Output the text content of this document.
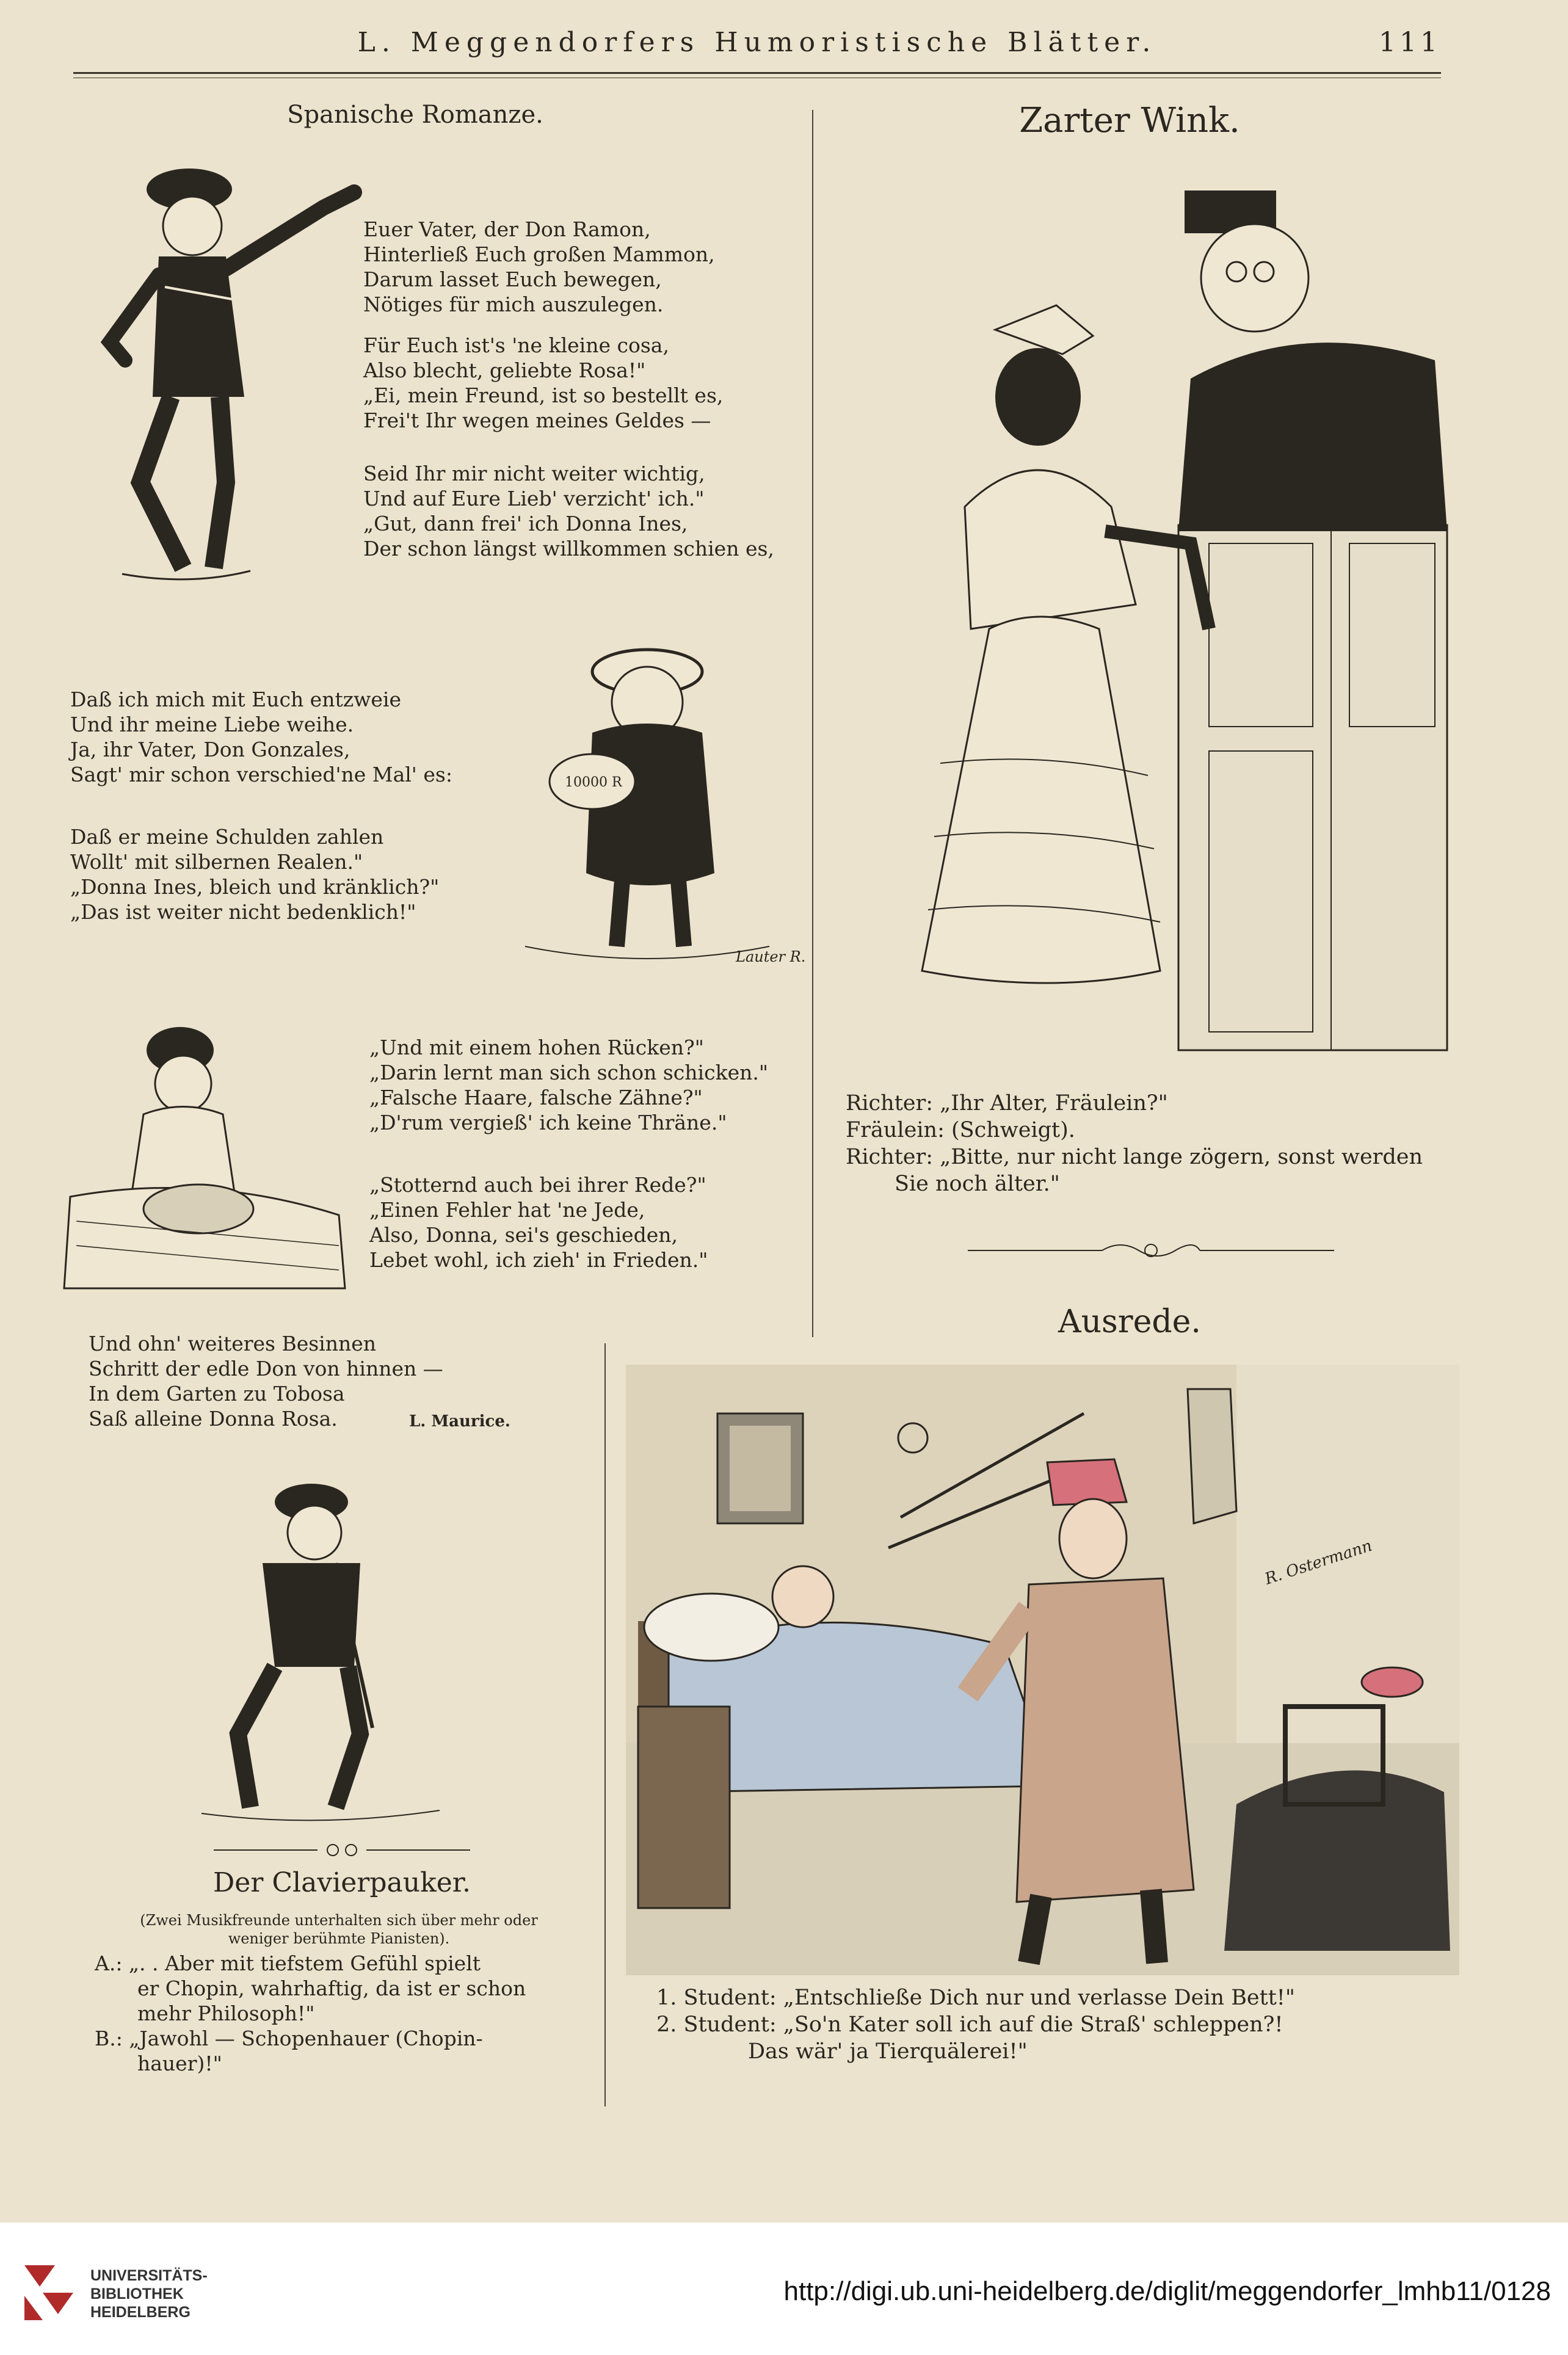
L. Meggendorfers Humoristische Blätter.	111
Spanische Romanze.
Euer Vater, der Don Ramon,
Hinterließ Euch großen Mammon,
Darum lasset Euch bewegen,
Nötiges für mich auszulegen.
Für Euch ist's 'ne kleine cosa,
Also blecht, geliebte Rosa!"
„Ei, mein Freund, ist so bestellt es,
Frei't Ihr wegen meines Geldes —
Seid Ihr mir nicht weiter wichtig,
Und auf Eure Lieb' verzicht' ich."
„Gut, dann frei' ich Donna Ines,
Der schon längst willkommen schien es,
Daß ich mich mit Euch entzweie
Und ihr meine Liebe weihe.
Ja, ihr Vater, Don Gonzales,
Sagt' mir schon verschied'ne Mal' es:
Daß er meine Schulden zahlen
Wollt' mit silbernen Realen."
„Donna Ines, bleich und kränklich?"
„Das ist weiter nicht bedenklich!"
10000 R
Lauter R.
„Und mit einem hohen Rücken?"
„Darin lernt man sich schon schicken."
„Falsche Haare, falsche Zähne?"
„D'rum vergieß' ich keine Thräne."
„Stotternd auch bei ihrer Rede?"
„Einen Fehler hat 'ne Jede,
Also, Donna, sei's geschieden,
Lebet wohl, ich zieh' in Frieden."
Und ohn' weiteres Besinnen
Schritt der edle Don von hinnen —
In dem Garten zu Tobosa
Saß alleine Donna Rosa.	L. Maurice.
Der Clavierpauker.
(Zwei Musikfreunde unterhalten sich über mehr oder
weniger berühmte Pianisten).
A.: „. . Aber mit tiefstem Gefühl spielt
er Chopin, wahrhaftig, da ist er schon
mehr Philosoph!"
B.: „Jawohl — Schopenhauer (Chopin-
hauer)!"
Zarter Wink.
Richter: „Ihr Alter, Fräulein?"
Fräulein: (Schweigt).
Richter: „Bitte, nur nicht lange zögern, sonst werden
Sie noch älter."
Ausrede.
R. Ostermann
1. Student: „Entschließe Dich nur und verlasse Dein Bett!"
2. Student: „So'n Kater soll ich auf die Straß' schleppen?!
Das wär' ja Tierquälerei!"
UNIVERSITÄTS-
BIBLIOTHEK
HEIDELBERG
http://digi.ub.uni-heidelberg.de/diglit/meggendorfer_lmhb11/0128
